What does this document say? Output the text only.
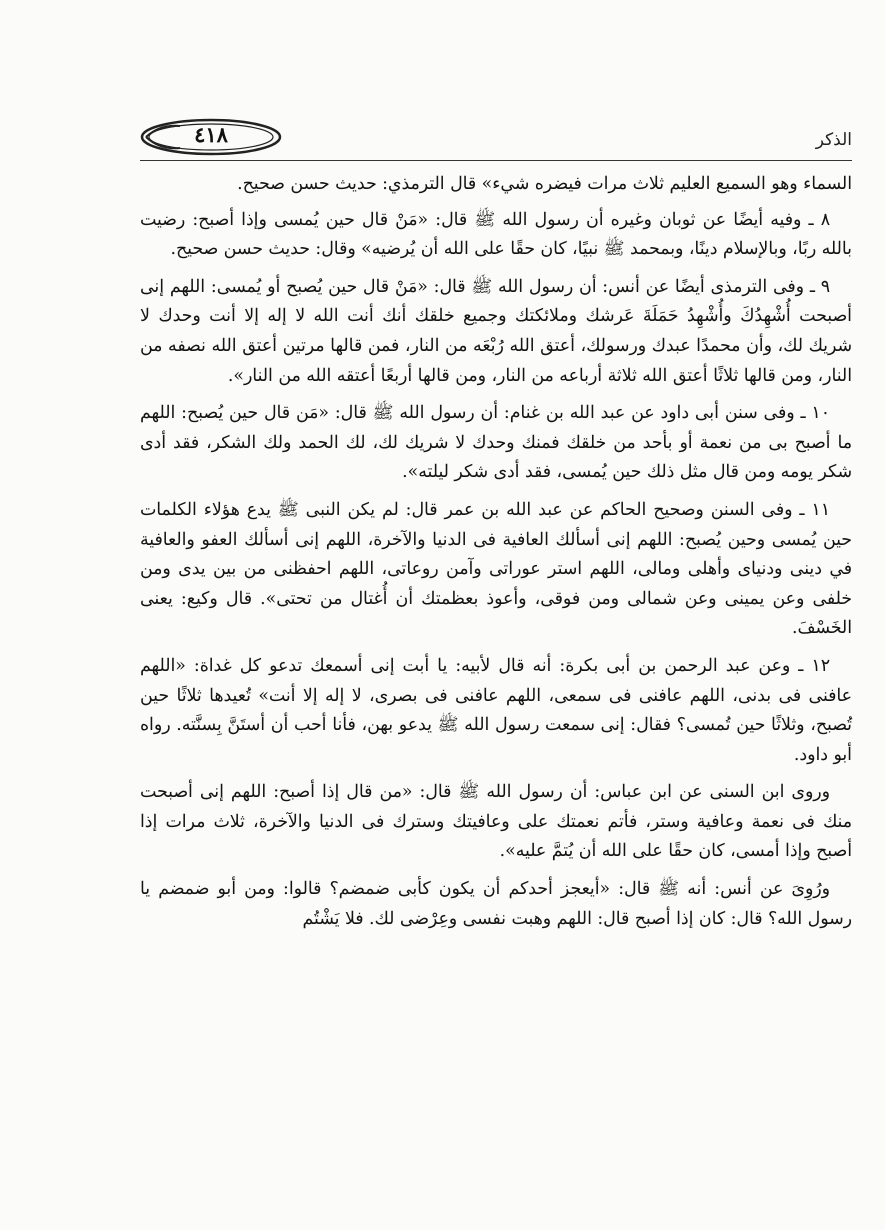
الذكر
٤١٨

السماء وهو السميع العليم ثلاث مرات فيضره شيء» قال الترمذي: حديث حسن صحيح.

٨ ـ وفيه أيضًا عن ثوبان وغيره أن رسول الله ﷺ قال: «مَنْ قال حين يُمسى وإذا أصبح: رضيت بالله ربًا، وبالإسلام دينًا، وبمحمد ﷺ نبيًا، كان حقًا على الله أن يُرضيه» وقال: حديث حسن صحيح.

٩ ـ وفى الترمذى أيضًا عن أنس: أن رسول الله ﷺ قال: «مَنْ قال حين يُصبح أو يُمسى: اللهم إنى أصبحت أُشْهِدُكَ وأُشْهِدُ حَمَلَةَ عَرشك وملائكتك وجميع خلقك أنك أنت الله لا إله إلا أنت وحدك لا شريك لك، وأن محمدًا عبدك ورسولك، أعتق الله رُبْعَه من النار، فمن قالها مرتين أعتق الله نصفه من النار، ومن قالها ثلاثًا أعتق الله ثلاثة أرباعه من النار، ومن قالها أربعًا أعتقه الله من النار».

١٠ ـ وفى سنن أبى داود عن عبد الله بن غنام: أن رسول الله ﷺ قال: «مَن قال حين يُصبح: اللهم ما أصبح بى من نعمة أو بأحد من خلقك فمنك وحدك لا شريك لك، لك الحمد ولك الشكر، فقد أدى شكر يومه ومن قال مثل ذلك حين يُمسى، فقد أدى شكر ليلته».

١١ ـ وفى السنن وصحيح الحاكم عن عبد الله بن عمر قال: لم يكن النبى ﷺ يدع هؤلاء الكلمات حين يُمسى وحين يُصبح: اللهم إنى أسألك العافية فى الدنيا والآخرة، اللهم إنى أسألك العفو والعافية في دينى ودنياى وأهلى ومالى، اللهم استر عوراتى وآمن روعاتى، اللهم احفظنى من بين يدى ومن خلفى وعن يمينى وعن شمالى ومن فوقى، وأعوذ بعظمتك أن أُغتال من تحتى». قال وكيع: يعنى الخَسْفَ.

١٢ ـ وعن عبد الرحمن بن أبى بكرة: أنه قال لأبيه: يا أبت إنى أسمعك تدعو كل غداة: «اللهم عافنى فى بدنى، اللهم عافنى فى سمعى، اللهم عافنى فى بصرى، لا إله إلا أنت» تُعيدها ثلاثًا حين تُصبح، وثلاثًا حين تُمسى؟ فقال: إنى سمعت رسول الله ﷺ يدعو بهن، فأنا أحب أن أستَنَّ بِسنَّته. رواه أبو داود.

وروى ابن السنى عن ابن عباس: أن رسول الله ﷺ قال: «من قال إذا أصبح: اللهم إنى أصبحت منك فى نعمة وعافية وستر، فأتم نعمتك على وعافيتك وسترك فى الدنيا والآخرة، ثلاث مرات إذا أصبح وإذا أمسى، كان حقًا على الله أن يُتمَّ عليه».

ورُوِىَ عن أنس: أنه ﷺ قال: «أيعجز أحدكم أن يكون كأبى ضمضم؟ قالوا: ومن أبو ضمضم يا رسول الله؟ قال: كان إذا أصبح قال: اللهم وهبت نفسى وعِرْضى لك. فلا يَشْتُم
